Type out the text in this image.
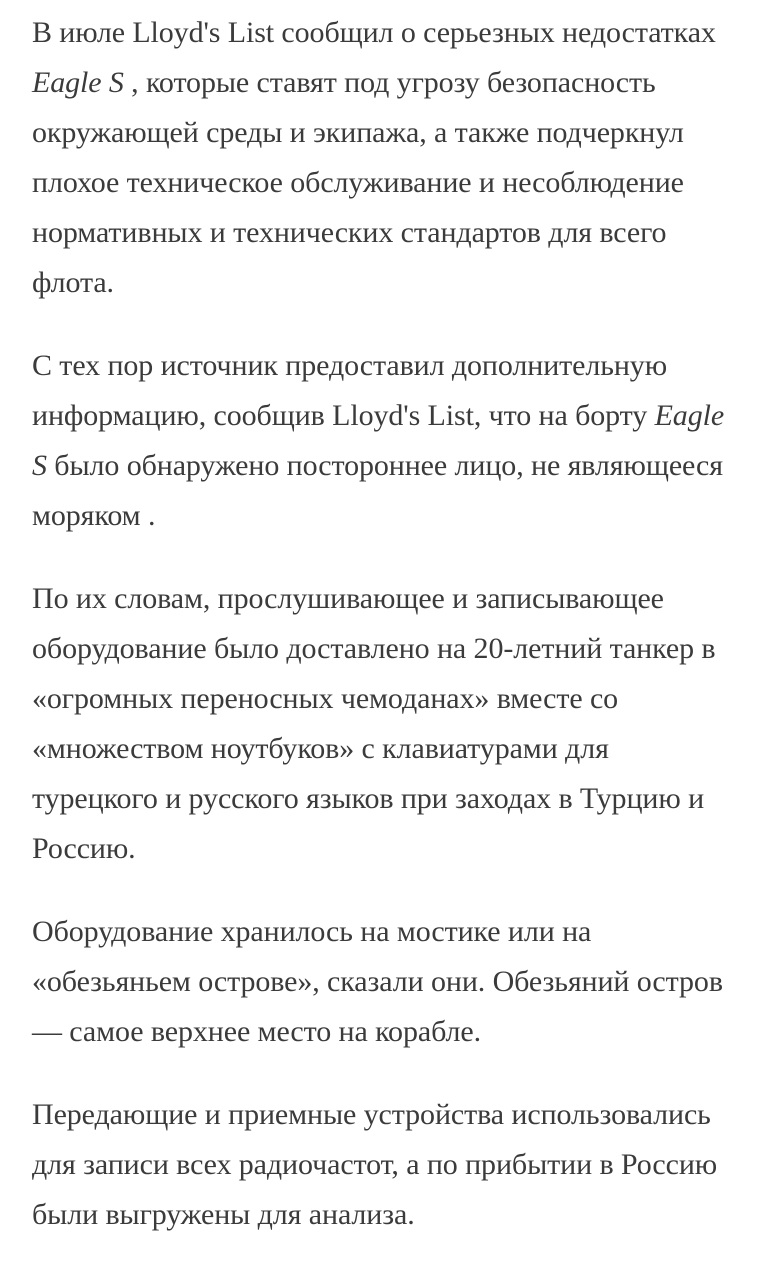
В июле Lloyd's List сообщил о серьезных недостатках Eagle S , которые ставят под угрозу безопасность окружающей среды и экипажа, а также подчеркнул плохое техническое обслуживание и несоблюдение нормативных и технических стандартов для всего флота.

С тех пор источник предоставил дополнительную информацию, сообщив Lloyd's List, что на борту Eagle S было обнаружено постороннее лицо, не являющееся моряком .

По их словам, прослушивающее и записывающее оборудование было доставлено на 20-летний танкер в «огромных переносных чемоданах» вместе со «множеством ноутбуков» с клавиатурами для турецкого и русского языков при заходах в Турцию и Россию.

Оборудование хранилось на мостике или на «обезьяньем острове», сказали они. Обезьяний остров — самое верхнее место на корабле.

Передающие и приемные устройства использовались для записи всех радиочастот, а по прибытии в Россию были выгружены для анализа.
